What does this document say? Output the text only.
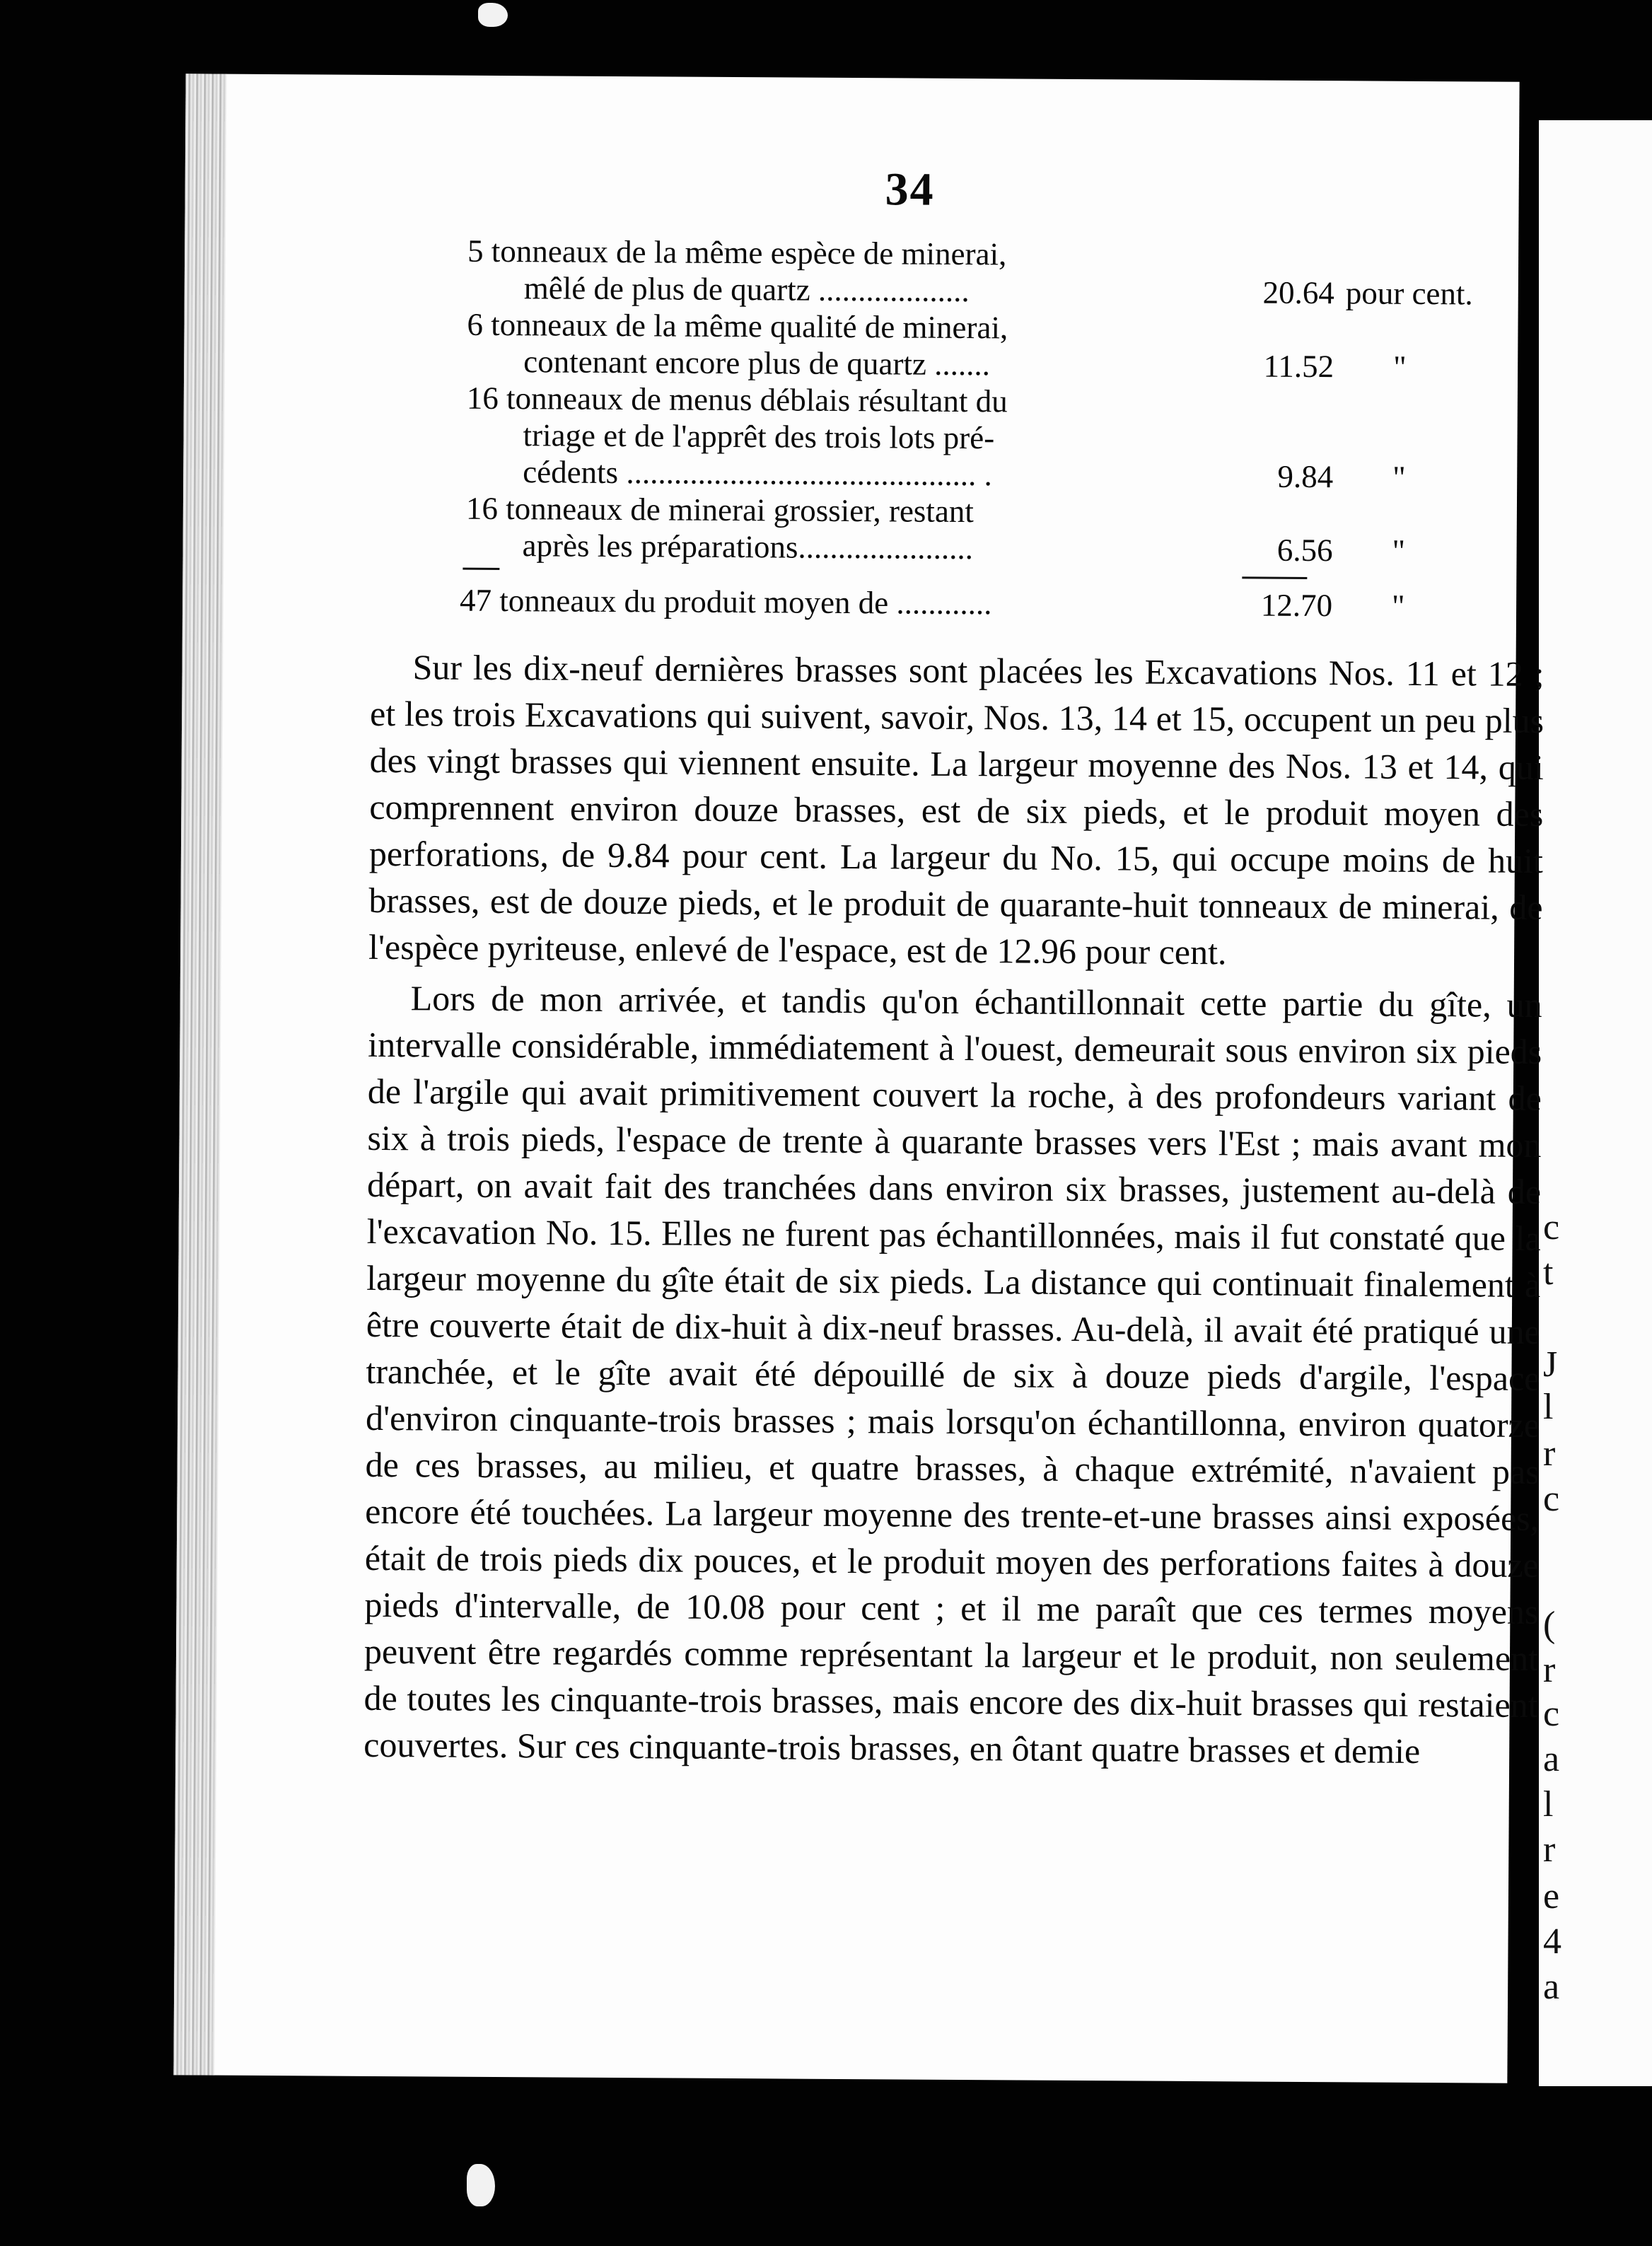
c
t
J
l
r
c
(
r
c
a
l
r
e
4
a
34
5 tonneaux de la même espèce de minerai,
mêlé de plus de quartz ...................	20.64 pour cent.
6 tonneaux de la même qualité de minerai,
contenant encore plus de quartz .......	11.52 "
16 tonneaux de menus déblais résultant du
triage et de l'apprêt des trois lots pré-
cédents ............................................ .	9.84 "
16 tonneaux de minerai grossier, restant
après les préparations......................	6.56 "
47 tonneaux du produit moyen de ............	12.70 "

Sur les dix-neuf dernières brasses sont placées les Excavations Nos. 11 et 12 ; et les trois Excavations qui suivent, savoir, Nos. 13, 14 et 15, occupent un peu plus des vingt brasses qui viennent ensuite. La largeur moyenne des Nos. 13 et 14, qui comprennent environ douze brasses, est de six pieds, et le produit moyen des perforations, de 9.84 pour cent. La largeur du No. 15, qui occupe moins de huit brasses, est de douze pieds, et le produit de quarante-huit tonneaux de minerai, de l'espèce pyriteuse, enlevé de l'espace, est de 12.96 pour cent.

Lors de mon arrivée, et tandis qu'on échantillonnait cette partie du gîte, un intervalle considérable, immédiatement à l'ouest, demeurait sous environ six pieds de l'argile qui avait primitivement couvert la roche, à des profondeurs variant de six à trois pieds, l'espace de trente à quarante brasses vers l'Est ; mais avant mon départ, on avait fait des tranchées dans environ six brasses, justement au-delà de l'excavation No. 15. Elles ne furent pas échantillonnées, mais il fut constaté que la largeur moyenne du gîte était de six pieds. La distance qui continuait finalement à être couverte était de dix-huit à dix-neuf brasses. Au-delà, il avait été pratiqué une tranchée, et le gîte avait été dépouillé de six à douze pieds d'argile, l'espace d'environ cinquante-trois brasses ; mais lorsqu'on échantillonna, environ quatorze de ces brasses, au milieu, et quatre brasses, à chaque extrémité, n'avaient pas encore été touchées. La largeur moyenne des trente-et-une brasses ainsi exposées, était de trois pieds dix pouces, et le produit moyen des perforations faites à douze pieds d'intervalle, de 10.08 pour cent ; et il me paraît que ces termes moyens peuvent être regardés comme représentant la largeur et le produit, non seulement de toutes les cinquante-trois brasses, mais encore des dix-huit brasses qui restaient couvertes. Sur ces cinquante-trois brasses, en ôtant quatre brasses et demie
